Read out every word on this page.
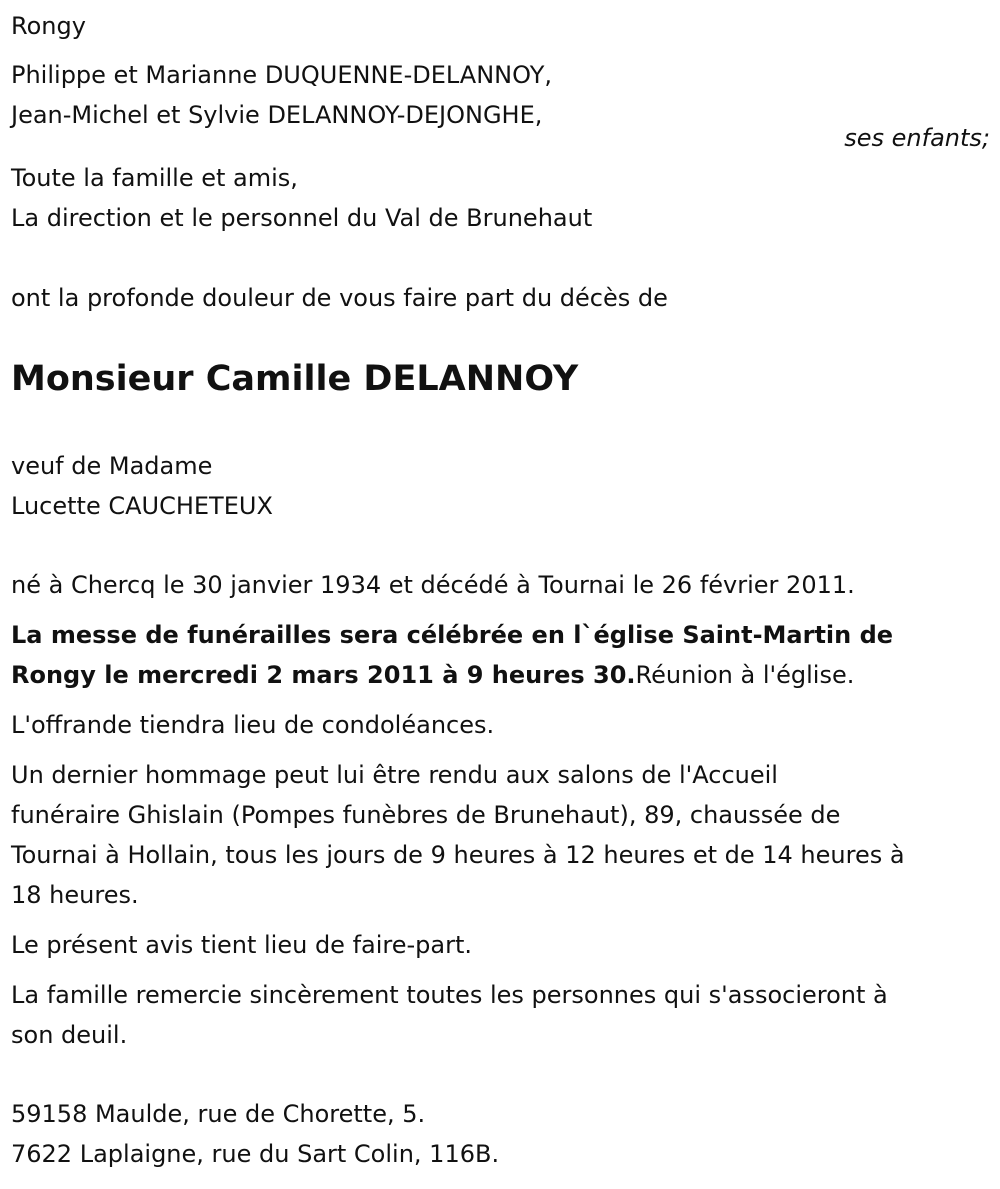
Rongy
Philippe et Marianne DUQUENNE-DELANNOY,
Jean-Michel et Sylvie DELANNOY-DEJONGHE,
ses enfants;
Toute la famille et amis,
La direction et le personnel du Val de Brunehaut
ont la profonde douleur de vous faire part du décès de
Monsieur Camille DELANNOY
veuf de Madame
Lucette CAUCHETEUX
né à Chercq le 30 janvier 1934 et décédé à Tournai le 26 février 2011.
La messe de funérailles sera célébrée en l`église Saint-Martin de
Rongy le mercredi 2 mars 2011 à 9 heures 30.Réunion à l'église.
L'offrande tiendra lieu de condoléances.
Un dernier hommage peut lui être rendu aux salons de l'Accueil
funéraire Ghislain (Pompes funèbres de Brunehaut), 89, chaussée de
Tournai à Hollain, tous les jours de 9 heures à 12 heures et de 14 heures à
18 heures.
Le présent avis tient lieu de faire-part.
La famille remercie sincèrement toutes les personnes qui s'associeront à
son deuil.
59158 Maulde, rue de Chorette, 5.
7622 Laplaigne, rue du Sart Colin, 116B.
